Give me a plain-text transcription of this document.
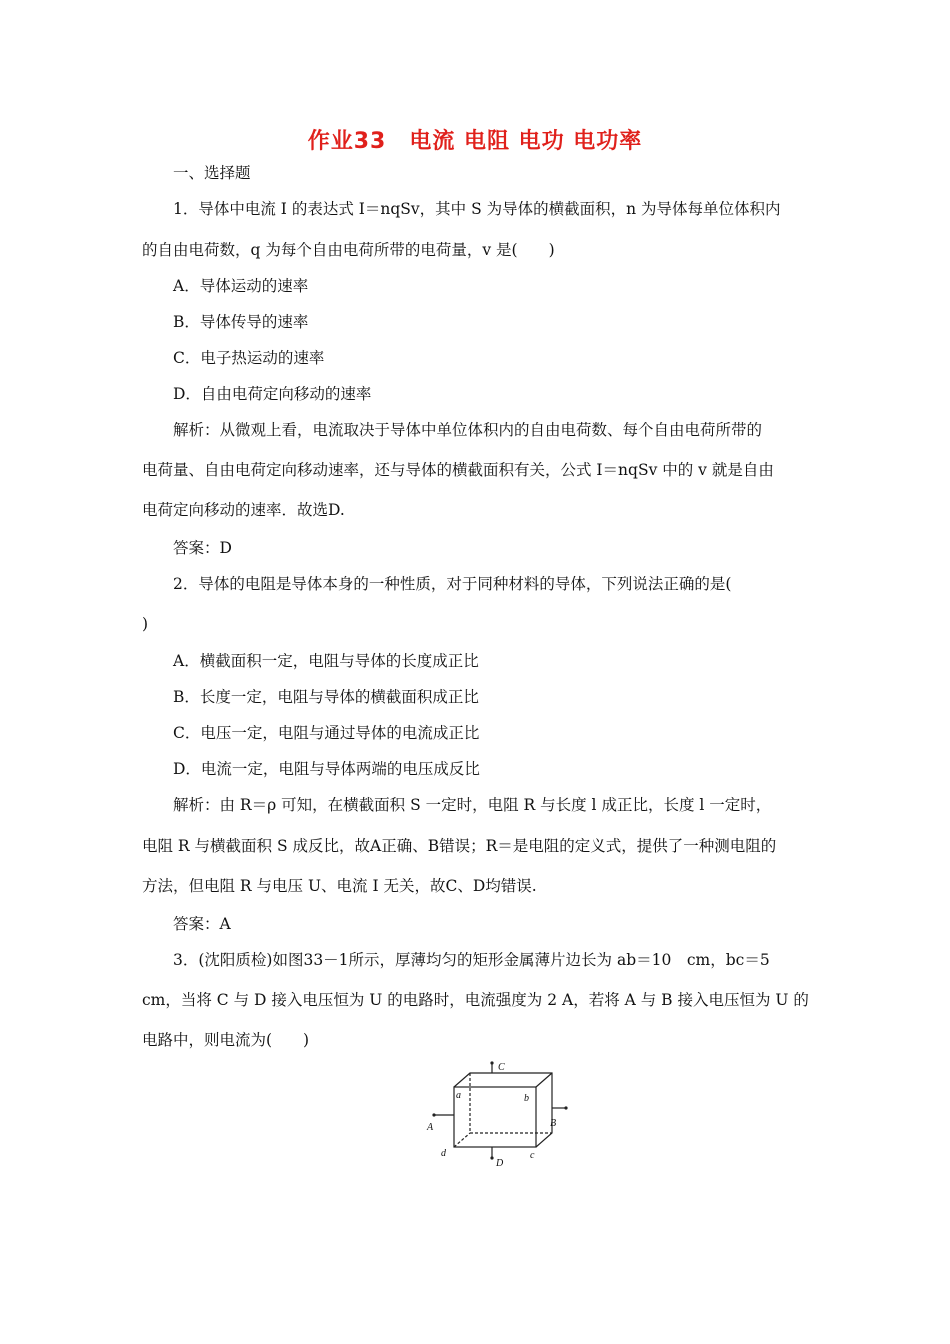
作业33　电流 电阻 电功 电功率
一、选择题
1．导体中电流 I 的表达式 I＝nqSv，其中 S 为导体的横截面积，n 为导体每单位体积内
的自由电荷数，q 为每个自由电荷所带的电荷量，v 是(　　)
A．导体运动的速率
B．导体传导的速率
C．电子热运动的速率
D．自由电荷定向移动的速率
解析：从微观上看，电流取决于导体中单位体积内的自由电荷数、每个自由电荷所带的
电荷量、自由电荷定向移动速率，还与导体的横截面积有关，公式 I＝nqSv 中的 v 就是自由
电荷定向移动的速率．故选D.
答案：D
2．导体的电阻是导体本身的一种性质，对于同种材料的导体，下列说法正确的是(
)
A．横截面积一定，电阻与导体的长度成正比
B．长度一定，电阻与导体的横截面积成正比
C．电压一定，电阻与通过导体的电流成正比
D．电流一定，电阻与导体两端的电压成反比
解析：由 R＝ρ 可知，在横截面积 S 一定时，电阻 R 与长度 l 成正比，长度 l 一定时，
电阻 R 与横截面积 S 成反比，故A正确、B错误；R＝是电阻的定义式，提供了一种测电阻的
方法，但电阻 R 与电压 U、电流 I 无关，故C、D均错误.
答案：A
3．(沈阳质检)如图33－1所示，厚薄均匀的矩形金属薄片边长为 ab＝10　cm，bc＝5
cm，当将 C 与 D 接入电压恒为 U 的电路时，电流强度为 2 A，若将 A 与 B 接入电压恒为 U 的
电路中，则电流为(　　)
a	b
c
d
A	B
C
D
